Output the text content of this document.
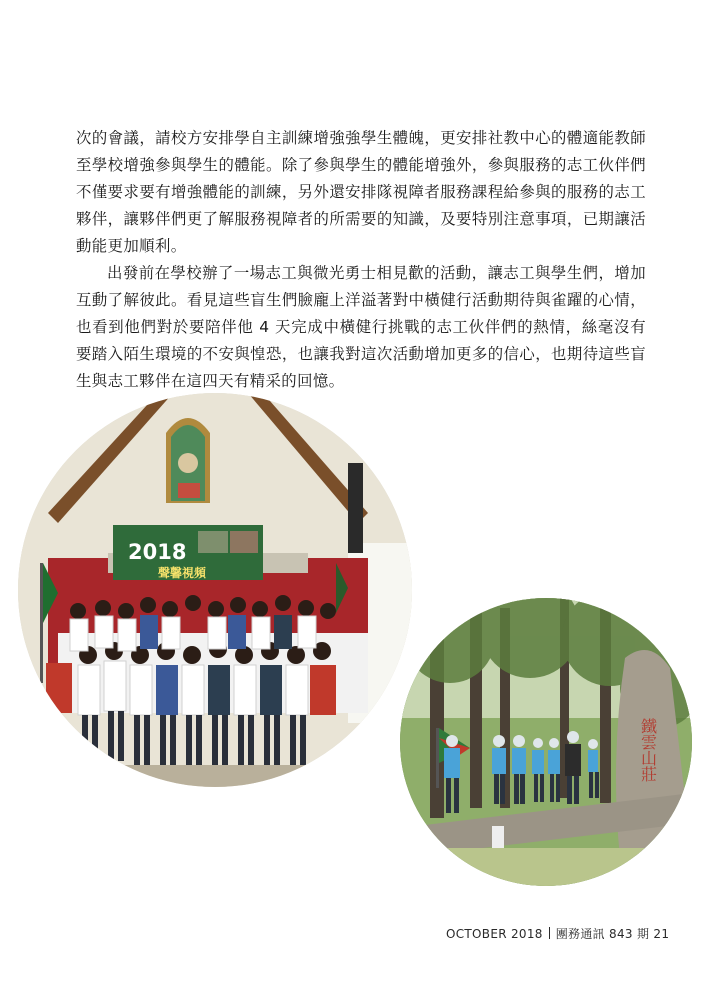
次的會議，請校方安排學自主訓練增強強學生體魄，更安排社教中心的體適能教師至學校增強參與學生的體能。除了參與學生的體能增強外，參與服務的志工伙伴們不僅要求要有增強體能的訓練，另外還安排隊視障者服務課程給參與的服務的志工夥伴，讓夥伴們更了解服務視障者的所需要的知識，及要特別注意事項，已期讓活動能更加順利。

出發前在學校辦了一場志工與微光勇士相見歡的活動，讓志工與學生們，增加互動了解彼此。看見這些盲生們臉龐上洋溢著對中橫健行活動期待與雀躍的心情，也看到他們對於要陪伴他 4 天完成中橫健行挑戰的志工伙伴們的熱情，絲毫沒有要踏入陌生環境的不安與惶恐，也讓我對這次活動增加更多的信心，也期待這些盲生與志工夥伴在這四天有精采的回憶。

2018
聲馨視頻
鐵雲山莊
OCTOBER 2018 團務通訊 843 期 21
